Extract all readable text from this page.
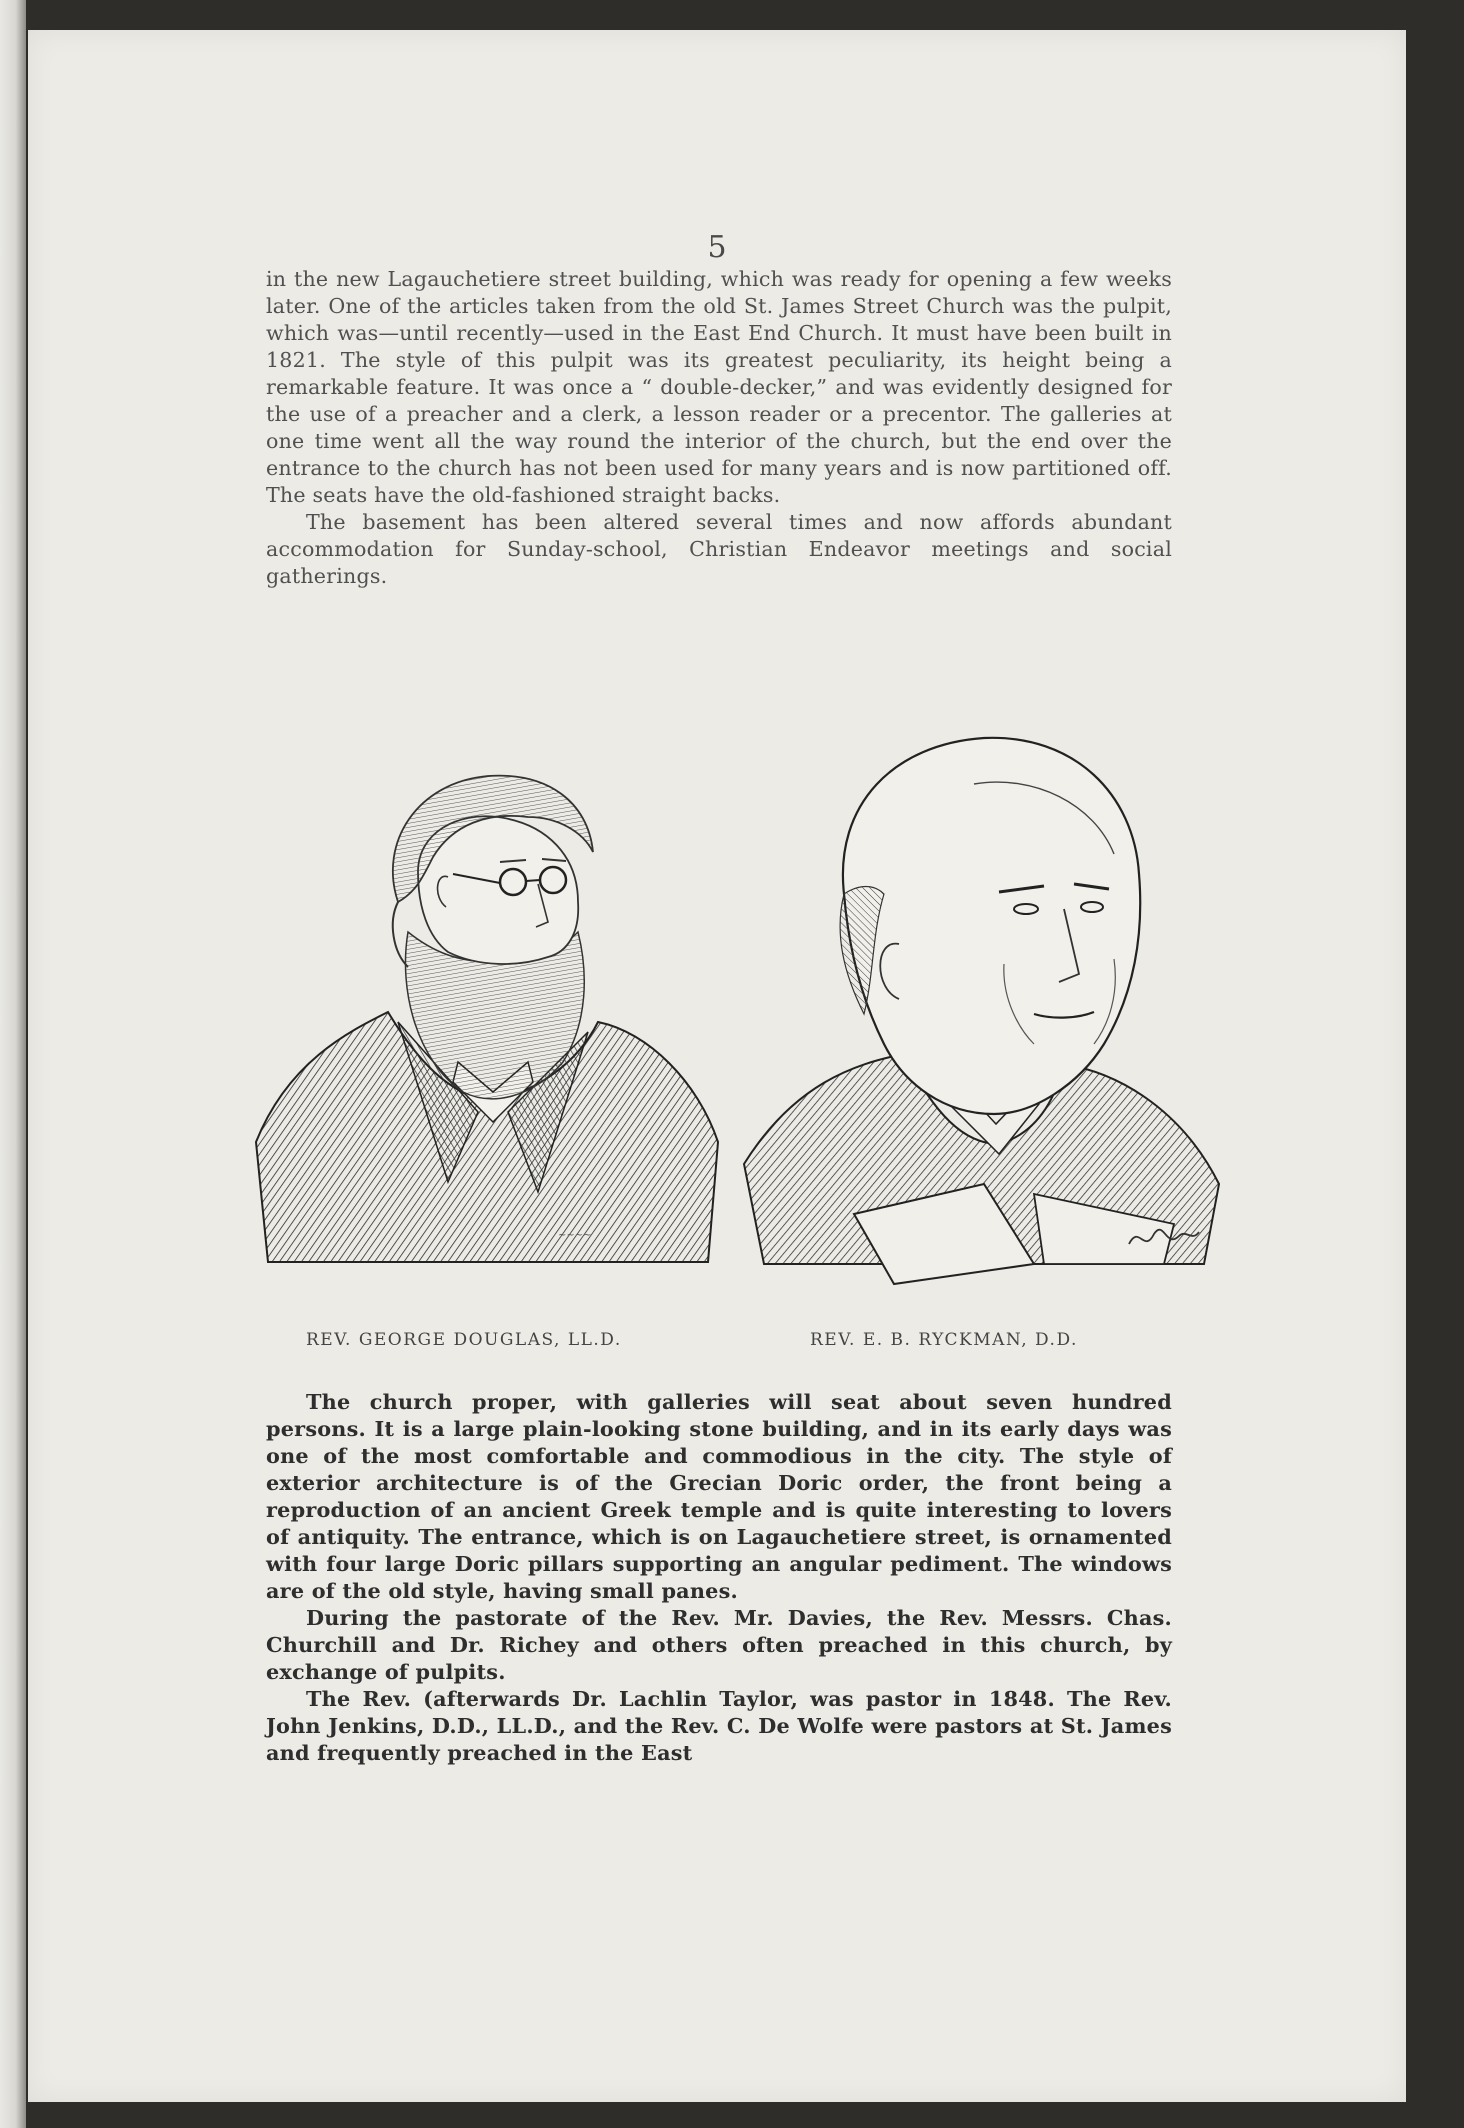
5

in the new Lagauchetiere street building, which was ready for opening a few weeks later. One of the articles taken from the old St. James Street Church was the pulpit, which was—until recently—used in the East End Church. It must have been built in 1821. The style of this pulpit was its greatest peculiarity, its height being a remarkable feature. It was once a “ double-decker,” and was evidently designed for the use of a preacher and a clerk, a lesson reader or a precentor. The galleries at one time went all the way round the interior of the church, but the end over the entrance to the church has not been used for many years and is now partitioned off. The seats have the old-fashioned straight backs.

The basement has been altered several times and now affords abundant accommodation for Sunday-school, Christian Endeavor meetings and social gatherings.

~~~~

REV. GEORGE DOUGLAS, LL.D.	REV. E. B. RYCKMAN, D.D.

The church proper, with galleries will seat about seven hundred persons. It is a large plain-looking stone building, and in its early days was one of the most comfortable and commodious in the city. The style of exterior architecture is of the Grecian Doric order, the front being a reproduction of an ancient Greek temple and is quite interesting to lovers of antiquity. The entrance, which is on Lagauchetiere street, is ornamented with four large Doric pillars supporting an angular pediment. The windows are of the old style, having small panes.

During the pastorate of the Rev. Mr. Davies, the Rev. Messrs. Chas. Churchill and Dr. Richey and others often preached in this church, by exchange of pulpits.

The Rev. (afterwards Dr. Lachlin Taylor, was pastor in 1848. The Rev. John Jenkins, D.D., LL.D., and the Rev. C. De Wolfe were pastors at St. James and frequently preached in the East
